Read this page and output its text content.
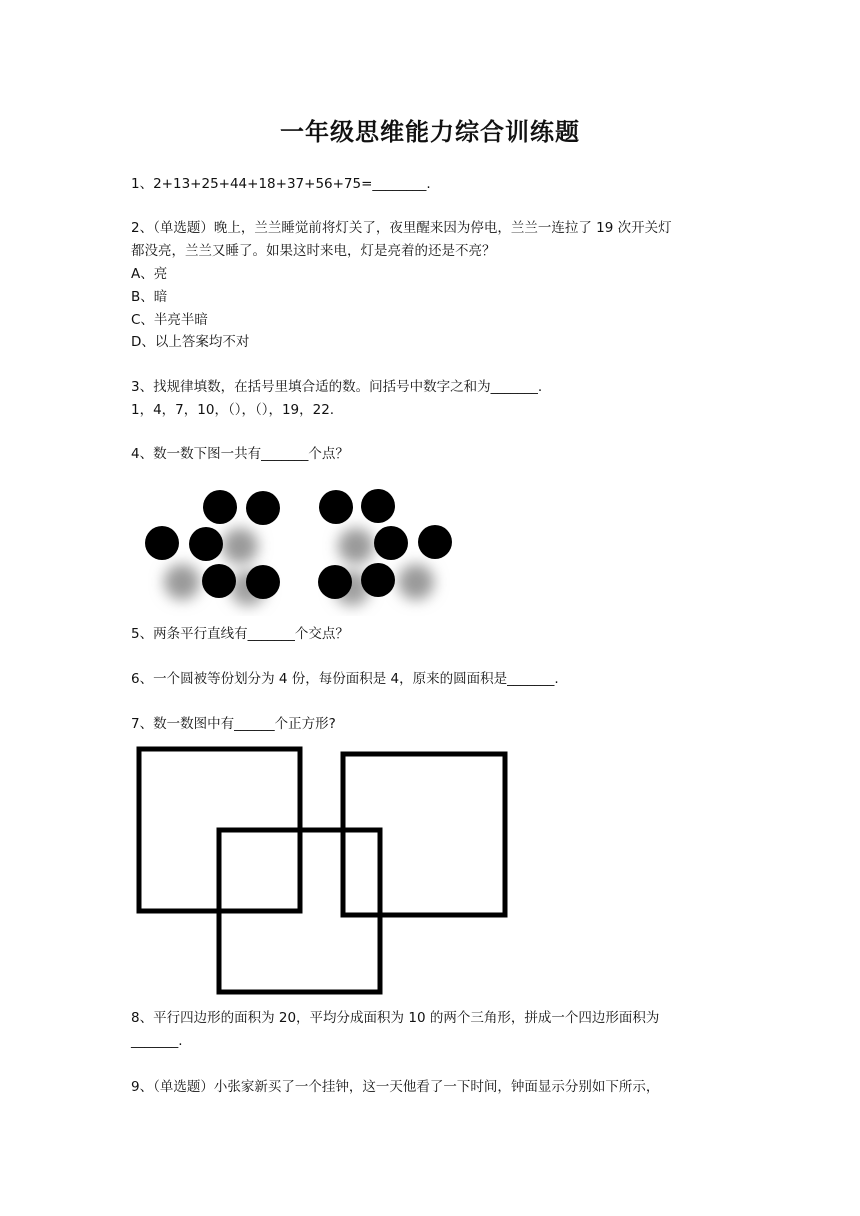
一年级思维能力综合训练题
1、2+13+25+44+18+37+56+75=________.
2、（单选题）晚上，兰兰睡觉前将灯关了，夜里醒来因为停电，兰兰一连拉了 19 次开关灯
都没亮，兰兰又睡了。如果这时来电，灯是亮着的还是不亮？
A、亮
B、暗
C、半亮半暗
D、以上答案均不对
3、找规律填数，在括号里填合适的数。问括号中数字之和为_______.
1，4，7，10，（），（），19，22.
4、数一数下图一共有_______个点？
5、两条平行直线有_______个交点？
6、一个圆被等份划分为 4 份，每份面积是 4，原来的圆面积是_______.
7、数一数图中有______个正方形?
8、平行四边形的面积为 20，平均分成面积为 10 的两个三角形，拼成一个四边形面积为
_______.
9、（单选题）小张家新买了一个挂钟，这一天他看了一下时间，钟面显示分别如下所示，
